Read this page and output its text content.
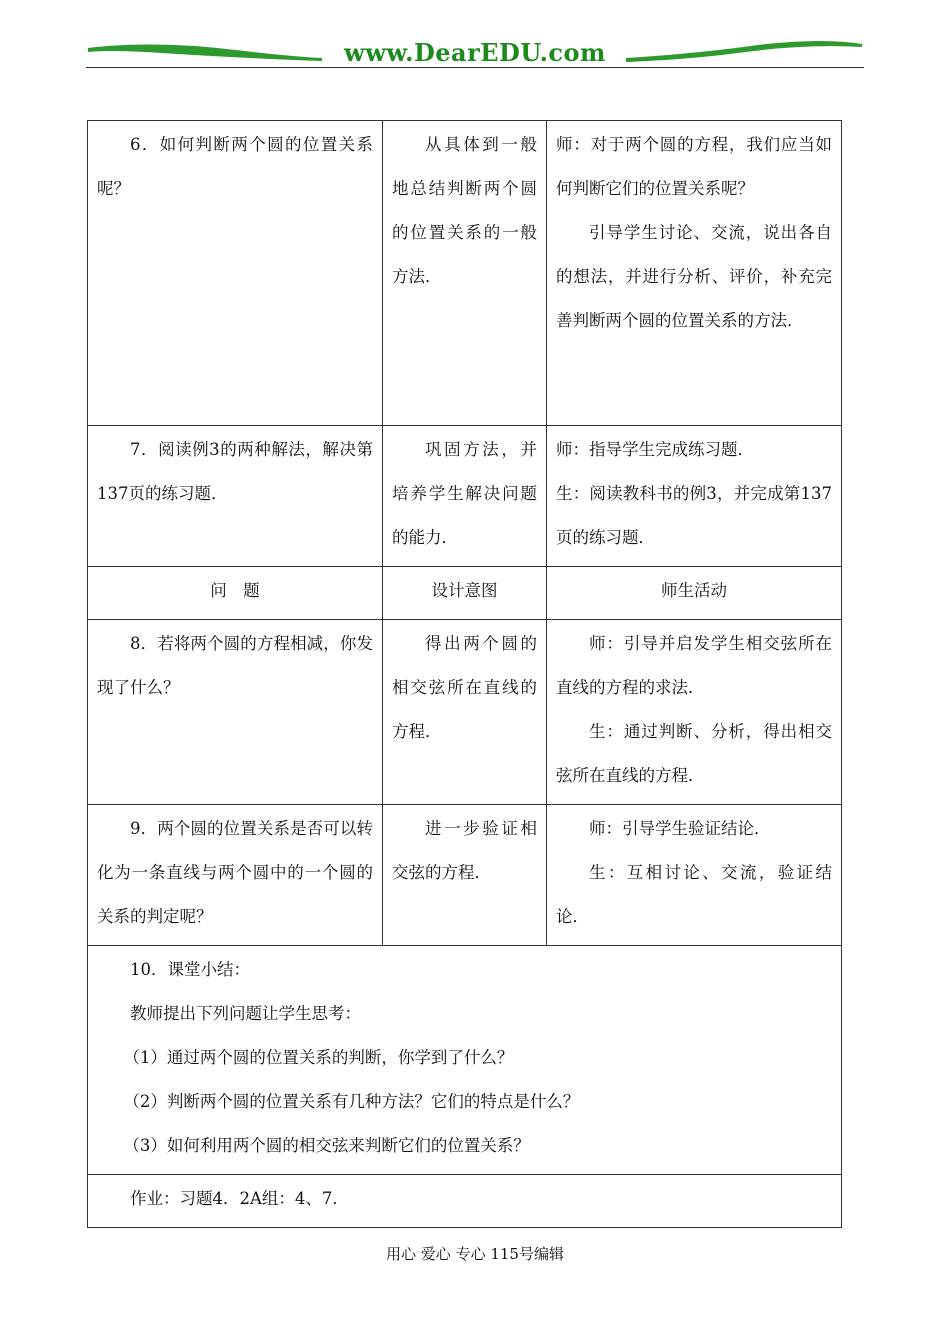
www.DearEDU.com

6．如何判断两个圆的位置关系呢？	从具体到一般地总结判断两个圆的位置关系的一般方法．	师：对于两个圆的方程，我们应当如何判断它们的位置关系呢？

引导学生讨论、交流，说出各自的想法，并进行分析、评价，补充完善判断两个圆的位置关系的方法．

7．阅读例3的两种解法，解决第137页的练习题．	巩固方法，并培养学生解决问题的能力．	师：指导学生完成练习题．

生：阅读教科书的例3，并完成第137页的练习题．

问　题	设计意图	师生活动

8．若将两个圆的方程相减，你发现了什么？	得出两个圆的相交弦所在直线的方程．	师：引导并启发学生相交弦所在直线的方程的求法．

生：通过判断、分析，得出相交弦所在直线的方程．

9．两个圆的位置关系是否可以转化为一条直线与两个圆中的一个圆的关系的判定呢？	进一步验证相交弦的方程．	师：引导学生验证结论．

生：互相讨论、交流，验证结论．

10．课堂小结：

教师提出下列问题让学生思考：

（1）通过两个圆的位置关系的判断，你学到了什么？

（2）判断两个圆的位置关系有几种方法？它们的特点是什么？

（3）如何利用两个圆的相交弦来判断它们的位置关系？		

作业：习题4．2A组：4、7．		

用心 爱心 专心 115号编辑
